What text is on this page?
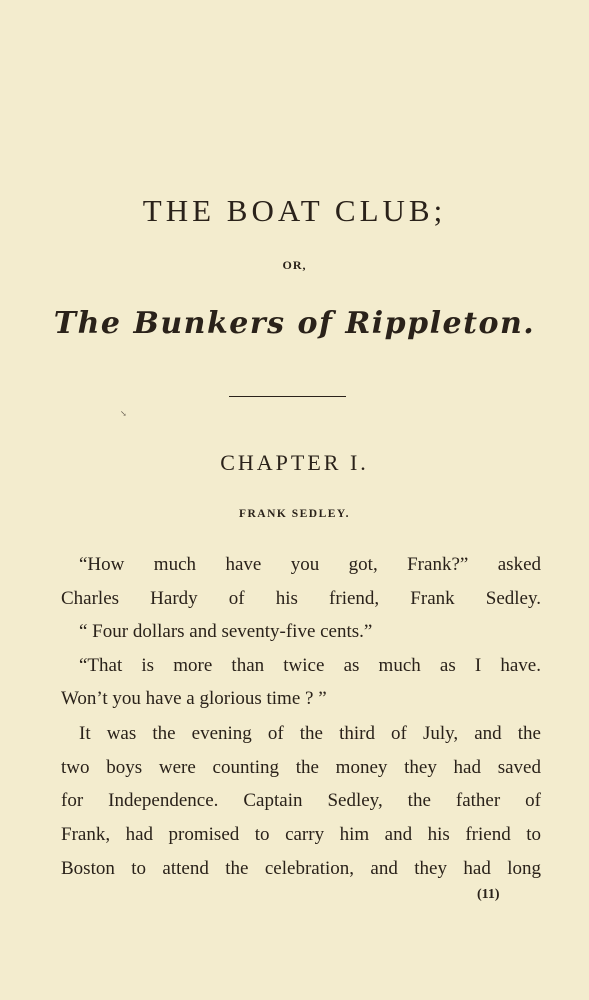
THE BOAT CLUB;
OR,
The Bunkers of Rippleton.
↘
CHAPTER I.
FRANK SEDLEY.
“How much have you got, Frank?” asked
Charles Hardy of his friend, Frank Sedley.
“ Four dollars and seventy-five cents.”
“That is more than twice as much as I have.
Won’t you have a glorious time ? ”
It was the evening of the third of July, and the
two boys were counting the money they had saved
for Independence. Captain Sedley, the father of
Frank, had promised to carry him and his friend to
Boston to attend the celebration, and they had long
(11)
